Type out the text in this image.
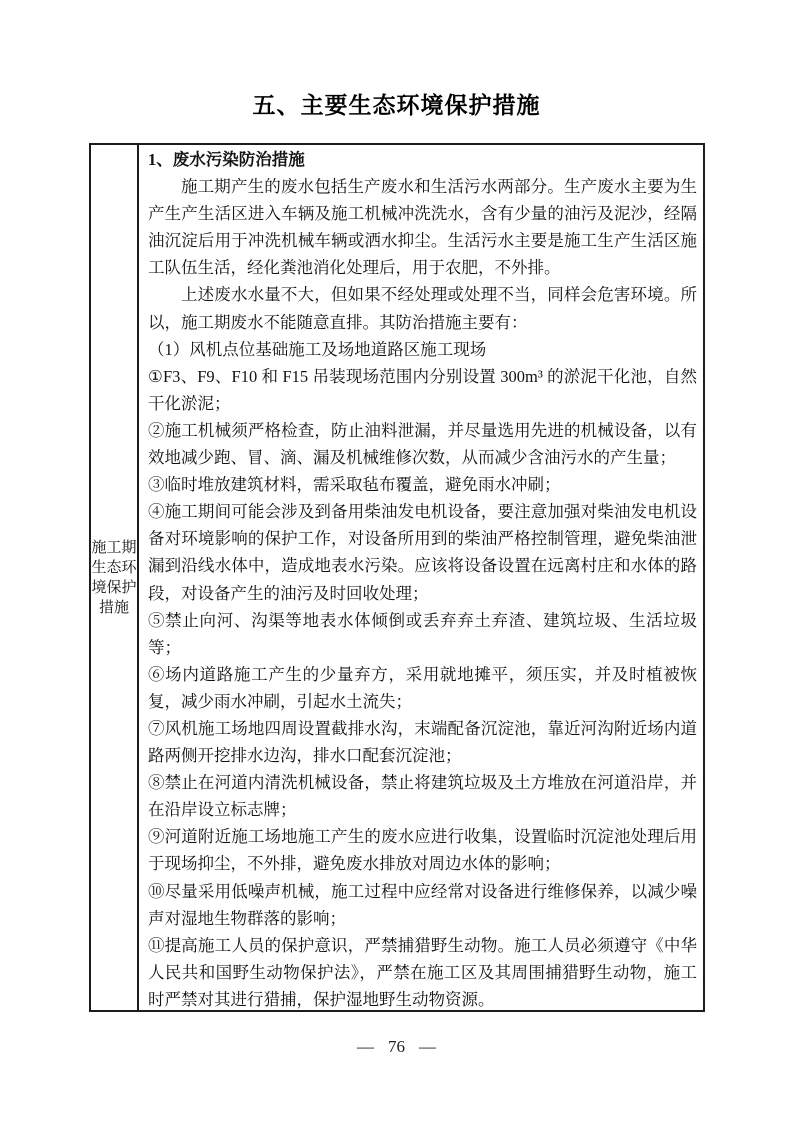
五、主要生态环境保护措施
施工期
生态环
境保护
措施

1、废水污染防治措施

施工期产生的废水包括生产废水和生活污水两部分。生产废水主要为生产生产生活区进入车辆及施工机械冲洗洗水，含有少量的油污及泥沙，经隔油沉淀后用于冲洗机械车辆或洒水抑尘。生活污水主要是施工生产生活区施工队伍生活，经化粪池消化处理后，用于农肥，不外排。

上述废水水量不大，但如果不经处理或处理不当，同样会危害环境。所以，施工期废水不能随意直排。其防治措施主要有：

（1）风机点位基础施工及场地道路区施工现场

①F3、F9、F10 和 F15 吊装现场范围内分别设置 300m³ 的淤泥干化池，自然干化淤泥；

②施工机械须严格检查，防止油料泄漏，并尽量选用先进的机械设备，以有效地减少跑、冒、滴、漏及机械维修次数，从而减少含油污水的产生量；

③临时堆放建筑材料，需采取毡布覆盖，避免雨水冲刷；

④施工期间可能会涉及到备用柴油发电机设备，要注意加强对柴油发电机设备对环境影响的保护工作，对设备所用到的柴油严格控制管理，避免柴油泄漏到沿线水体中，造成地表水污染。应该将设备设置在远离村庄和水体的路段，对设备产生的油污及时回收处理；

⑤禁止向河、沟渠等地表水体倾倒或丢弃弃土弃渣、建筑垃圾、生活垃圾等；

⑥场内道路施工产生的少量弃方，采用就地摊平，须压实，并及时植被恢复，减少雨水冲刷，引起水土流失；

⑦风机施工场地四周设置截排水沟，末端配备沉淀池，靠近河沟附近场内道路两侧开挖排水边沟，排水口配套沉淀池；

⑧禁止在河道内清洗机械设备，禁止将建筑垃圾及土方堆放在河道沿岸，并在沿岸设立标志牌；

⑨河道附近施工场地施工产生的废水应进行收集，设置临时沉淀池处理后用于现场抑尘，不外排，避免废水排放对周边水体的影响；

⑩尽量采用低噪声机械，施工过程中应经常对设备进行维修保养，以减少噪声对湿地生物群落的影响；

⑪提高施工人员的保护意识，严禁捕猎野生动物。施工人员必须遵守《中华人民共和国野生动物保护法》，严禁在施工区及其周围捕猎野生动物，施工时严禁对其进行猎捕，保护湿地野生动物资源。

— 76 —
